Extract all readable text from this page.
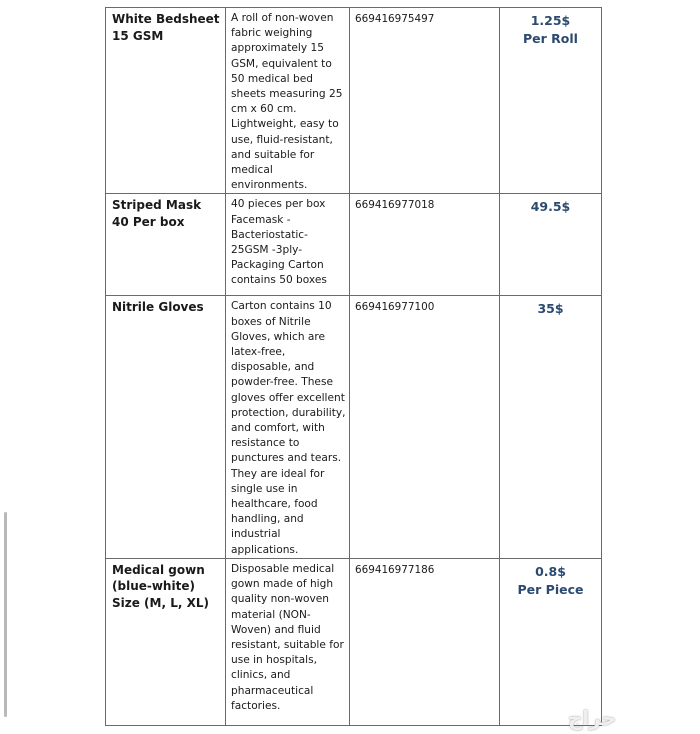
White Bedsheet 15 GSM	A roll of non-woven fabric weighing approximately 15 GSM, equivalent to 50 medical bed sheets measuring 25 cm x 60 cm. Lightweight, easy to use, fluid-resistant, and suitable for medical environments.	669416975497	1.25$
Per Roll

Striped Mask 40 Per box	40 pieces per box Facemask - Bacteriostatic- 25GSM -3ply-Packaging Carton contains 50 boxes	669416977018	49.5$

Nitrile Gloves	Carton contains 10 boxes of Nitrile Gloves, which are latex-free, disposable, and powder-free. These gloves offer excellent protection, durability, and comfort, with resistance to punctures and tears. They are ideal for single use in healthcare, food handling, and industrial applications.	669416977100	35$

Medical gown (blue-white) Size (M, L, XL)	Disposable medical gown made of high quality non-woven material (NON-Woven) and fluid resistant, suitable for use in hospitals, clinics, and pharmaceutical factories.	669416977186	0.8$
Per Piece
حراج
